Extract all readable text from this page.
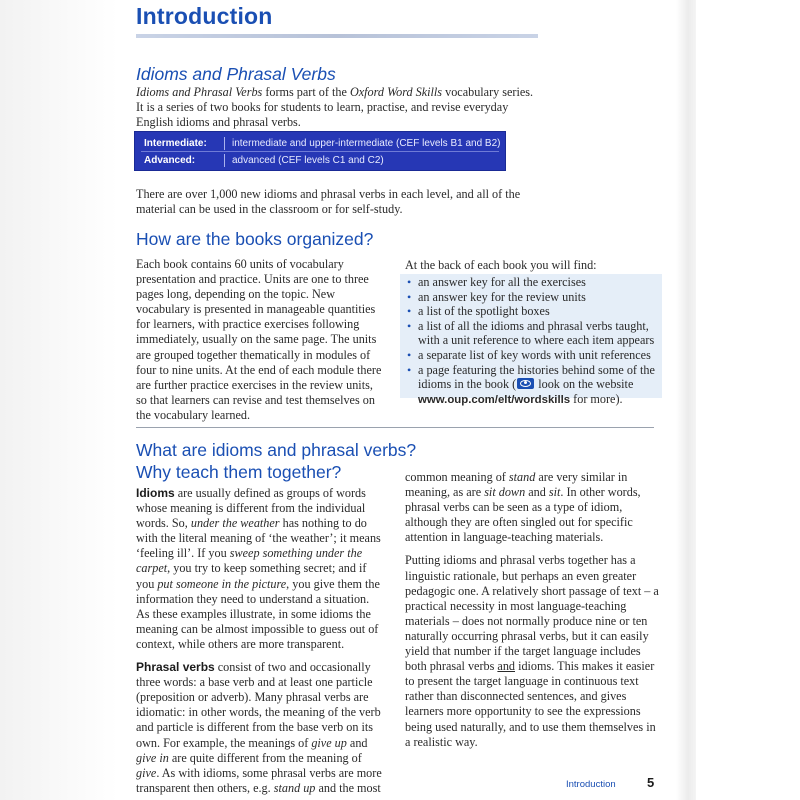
Introduction
Idioms and Phrasal Verbs

Idioms and Phrasal Verbs forms part of the Oxford Word Skills vocabulary series. It is a series of two books for students to learn, practise, and revise everyday English idioms and phrasal verbs.

Intermediate:	intermediate and upper-intermediate (CEF levels B1 and B2)
Advanced:	advanced (CEF levels C1 and C2)

There are over 1,000 new idioms and phrasal verbs in each level, and all of the material can be used in the classroom or for self-study.

How are the books organized?

Each book contains 60 units of vocabulary presentation and practice. Units are one to three pages long, depending on the topic. New vocabulary is presented in manageable quantities for learners, with practice exercises following immediately, usually on the same page. The units are grouped together thematically in modules of four to nine units. At the end of each module there are further practice exercises in the review units, so that learners can revise and test themselves on the vocabulary learned.

At the back of each book you will find:

• an answer key for all the exercises
• an answer key for the review units
• a list of the spotlight boxes
• a list of all the idioms and phrasal verbs taught, with a unit reference to where each item appears
• a separate list of key words with unit references
• a page featuring the histories behind some of the idioms in the book ( look on the website www.oup.com/elt/wordskills for more).
What are idioms and phrasal verbs?
Why teach them together?

Idioms are usually defined as groups of words whose meaning is different from the individual words. So, under the weather has nothing to do with the literal meaning of ‘the weather’; it means ‘feeling ill’. If you sweep something under the carpet, you try to keep something secret; and if you put someone in the picture, you give them the information they need to understand a situation. As these examples illustrate, in some idioms the meaning can be almost impossible to guess out of context, while others are more transparent.

Phrasal verbs consist of two and occasionally three words: a base verb and at least one particle (preposition or adverb). Many phrasal verbs are idiomatic: in other words, the meaning of the verb and particle is different from the base verb on its own. For example, the meanings of give up and give in are quite different from the meaning of give. As with idioms, some phrasal verbs are more transparent then others, e.g. stand up and the most

common meaning of stand are very similar in meaning, as are sit down and sit. In other words, phrasal verbs can be seen as a type of idiom, although they are often singled out for specific attention in language-teaching materials.

Putting idioms and phrasal verbs together has a linguistic rationale, but perhaps an even greater pedagogic one. A relatively short passage of text – a practical necessity in most language-teaching materials – does not normally produce nine or ten naturally occurring phrasal verbs, but it can easily yield that number if the target language includes both phrasal verbs and idioms. This makes it easier to present the target language in continuous text rather than disconnected sentences, and gives learners more opportunity to see the expressions being used naturally, and to use them themselves in a realistic way.

Introduction 5
